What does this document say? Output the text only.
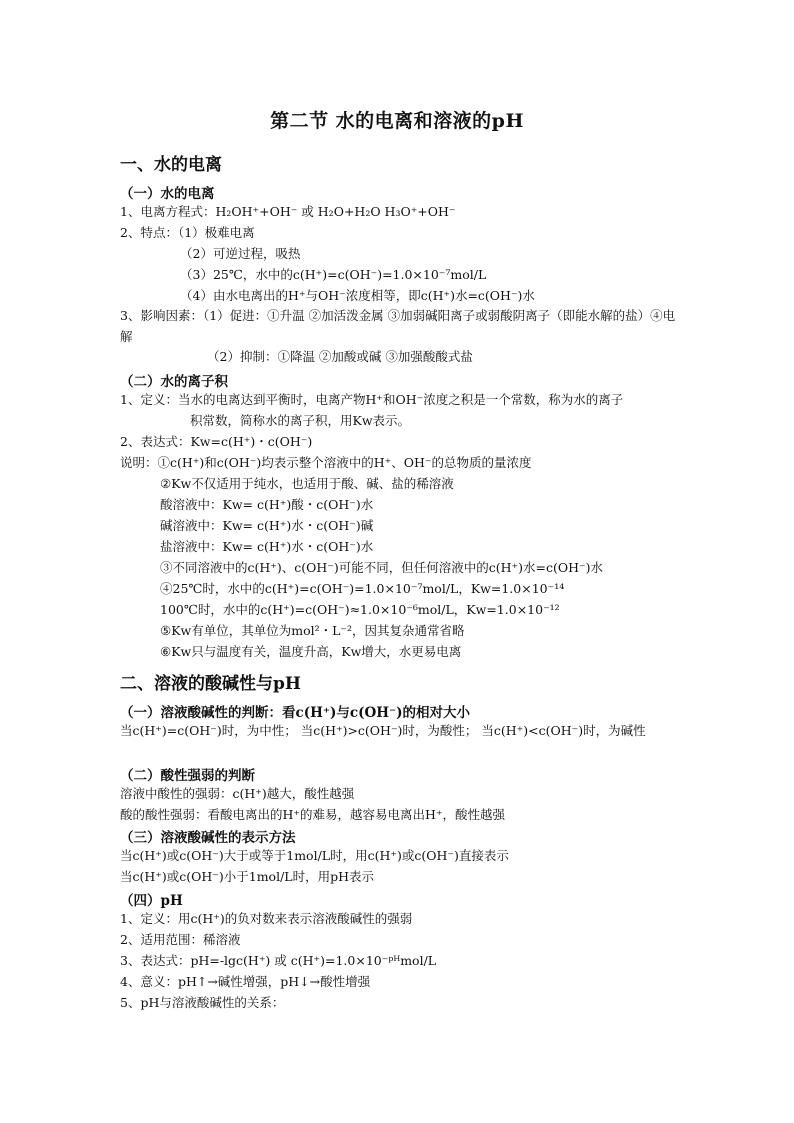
第二节 水的电离和溶液的pH
一、水的电离
（一）水的电离
1、电离方程式：H₂OH⁺+OH⁻ 或 H₂O+H₂O H₃O⁺+OH⁻
2、特点：（1）极难电离
（2）可逆过程，吸热
（3）25℃，水中的c(H⁺)=c(OH⁻)=1.0×10⁻⁷mol/L
（4）由水电离出的H⁺与OH⁻浓度相等，即c(H⁺)水=c(OH⁻)水
3、影响因素：（1）促进：①升温 ②加活泼金属 ③加弱碱阳离子或弱酸阴离子（即能水解的盐）④电解
（2）抑制：①降温 ②加酸或碱 ③加强酸酸式盐
（二）水的离子积
1、定义：当水的电离达到平衡时，电离产物H⁺和OH⁻浓度之积是一个常数，称为水的离子
积常数，简称水的离子积，用Kw表示。
2、表达式：Kw=c(H⁺)・c(OH⁻)
说明：①c(H⁺)和c(OH⁻)均表示整个溶液中的H⁺、OH⁻的总物质的量浓度
②Kw不仅适用于纯水，也适用于酸、碱、盐的稀溶液
酸溶液中：Kw= c(H⁺)酸・c(OH⁻)水
碱溶液中：Kw= c(H⁺)水・c(OH⁻)碱
盐溶液中：Kw= c(H⁺)水・c(OH⁻)水
③不同溶液中的c(H⁺)、c(OH⁻)可能不同，但任何溶液中的c(H⁺)水=c(OH⁻)水
④25℃时，水中的c(H⁺)=c(OH⁻)=1.0×10⁻⁷mol/L，Kw=1.0×10⁻¹⁴
100℃时，水中的c(H⁺)=c(OH⁻)≈1.0×10⁻⁶mol/L，Kw=1.0×10⁻¹²
⑤Kw有单位，其单位为mol²・L⁻²，因其复杂通常省略
⑥Kw只与温度有关，温度升高，Kw增大，水更易电离
二、溶液的酸碱性与pH
（一）溶液酸碱性的判断：看c(H⁺)与c(OH⁻)的相对大小
当c(H⁺)=c(OH⁻)时，为中性； 当c(H⁺)>c(OH⁻)时，为酸性； 当c(H⁺)<c(OH⁻)时，为碱性
（二）酸性强弱的判断
溶液中酸性的强弱：c(H⁺)越大，酸性越强
酸的酸性强弱：看酸电离出的H⁺的难易，越容易电离出H⁺，酸性越强
（三）溶液酸碱性的表示方法
当c(H⁺)或c(OH⁻)大于或等于1mol/L时，用c(H⁺)或c(OH⁻)直接表示
当c(H⁺)或c(OH⁻)小于1mol/L时，用pH表示
（四）pH
1、定义：用c(H⁺)的负对数来表示溶液酸碱性的强弱
2、适用范围：稀溶液
3、表达式：pH=-lgc(H⁺) 或 c(H⁺)=1.0×10⁻ᵖᴴmol/L
4、意义：pH↑→碱性增强，pH↓→酸性增强
5、pH与溶液酸碱性的关系：
